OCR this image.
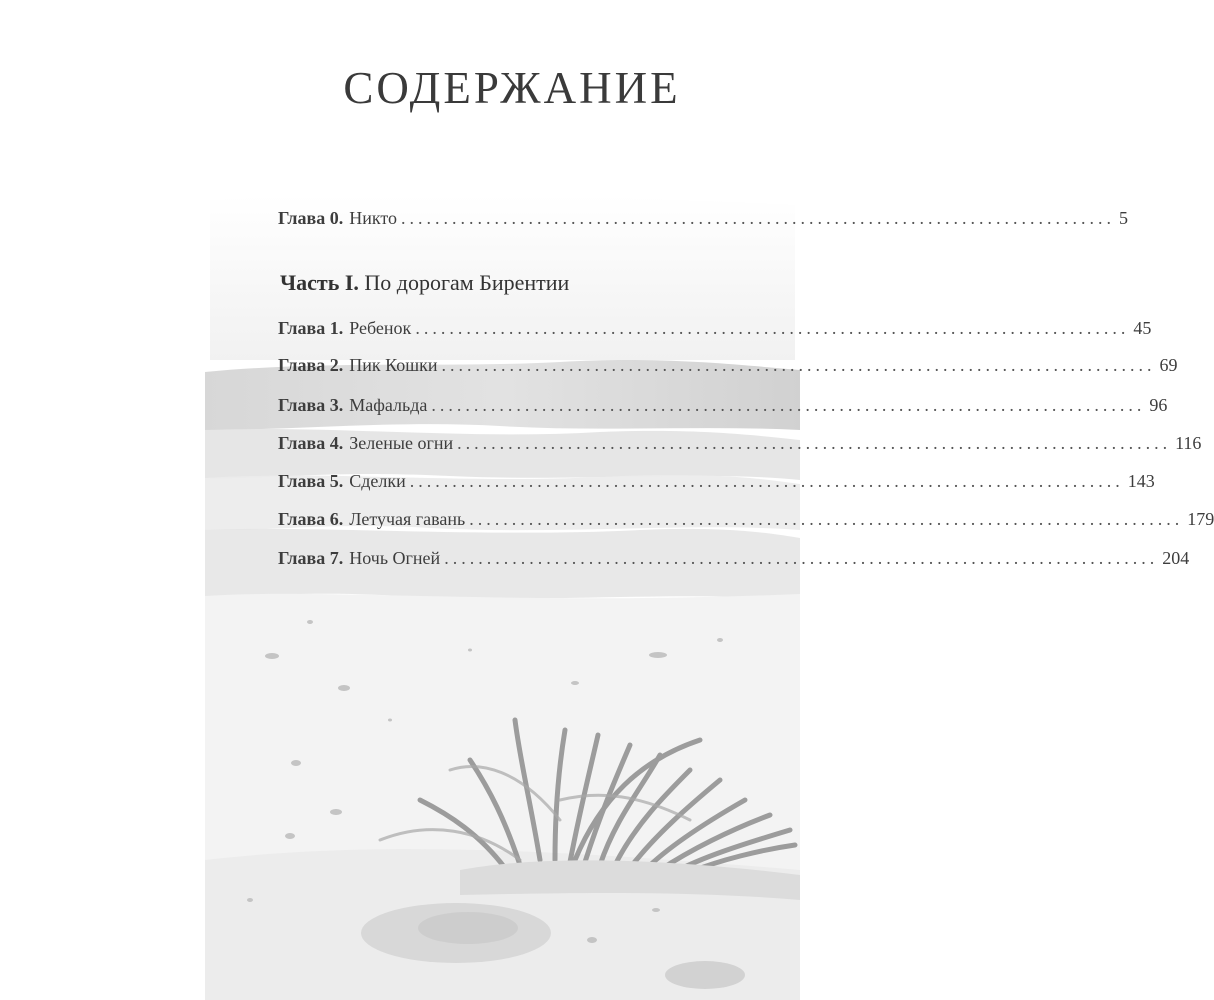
СОДЕРЖАНИЕ
Глава 0. Никто .................................................................................... 5
Часть I. По дорогам Бирентии
Глава 1. Ребенок .................................................................................... 45
Глава 2. Пик Кошки .................................................................................... 69
Глава 3. Мафальда .................................................................................... 96
Глава 4. Зеленые огни .................................................................................... 116
Глава 5. Сделки .................................................................................... 143
Глава 6. Летучая гавань .................................................................................... 179
Глава 7. Ночь Огней .................................................................................... 204
